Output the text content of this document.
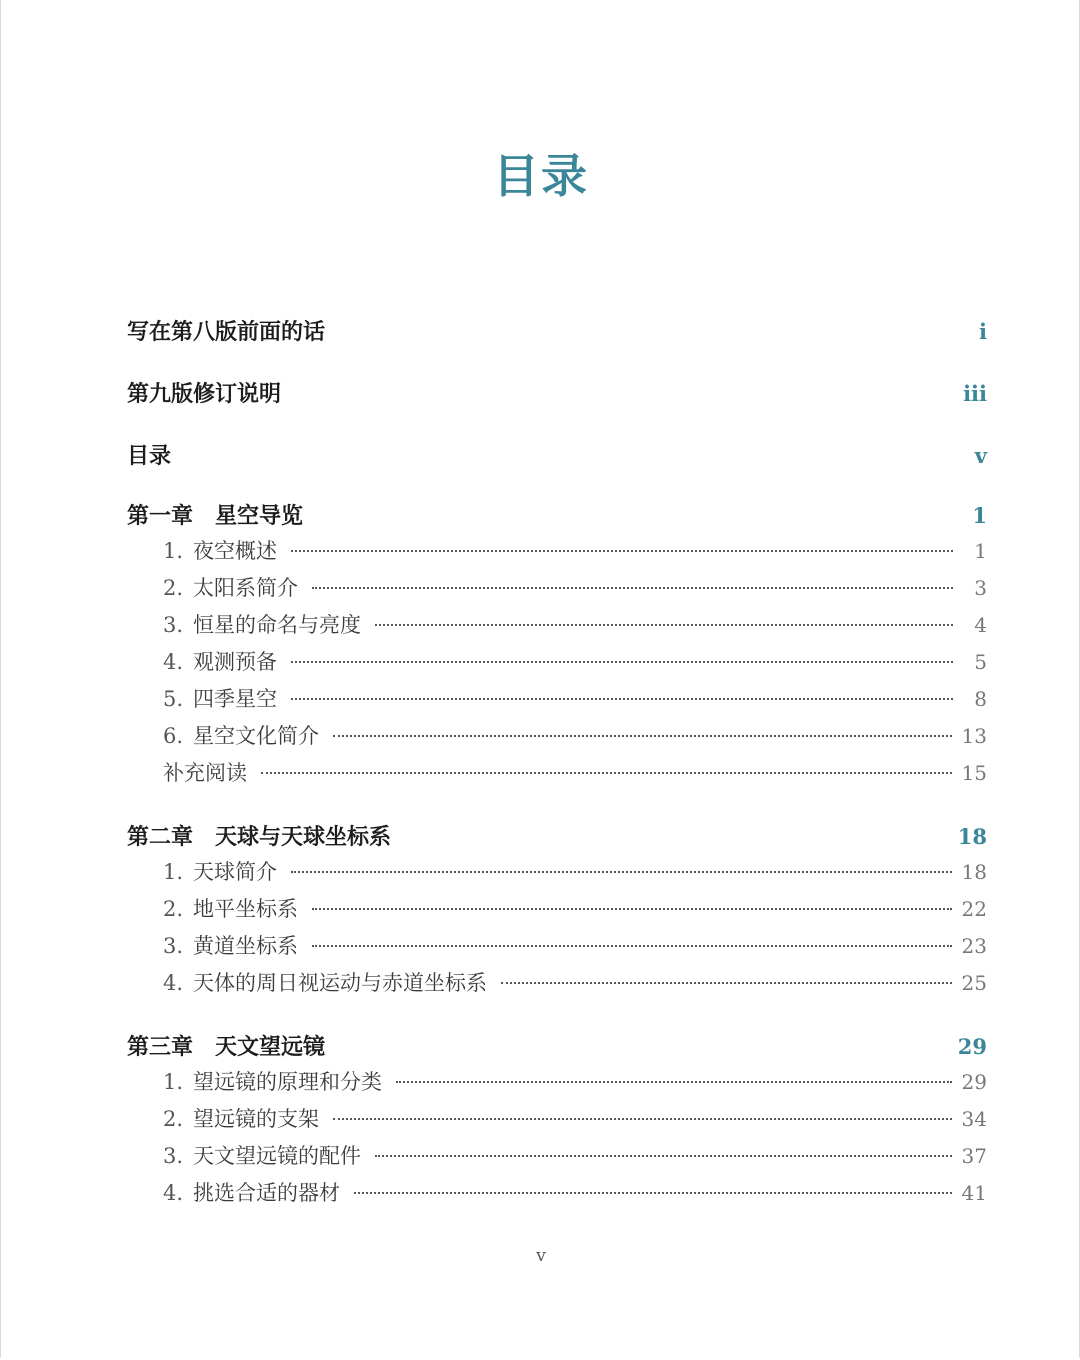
目录
写在第八版前面的话	i
第九版修订说明	iii
目录	v
第一章 星空导览	1
1. 夜空概述	1
2. 太阳系简介	3
3. 恒星的命名与亮度	4
4. 观测预备	5
5. 四季星空	8
6. 星空文化简介	13
补充阅读	15
第二章 天球与天球坐标系	18
1. 天球简介	18
2. 地平坐标系	22
3. 黄道坐标系	23
4. 天体的周日视运动与赤道坐标系	25
第三章 天文望远镜	29
1. 望远镜的原理和分类	29
2. 望远镜的支架	34
3. 天文望远镜的配件	37
4. 挑选合适的器材	41
v
